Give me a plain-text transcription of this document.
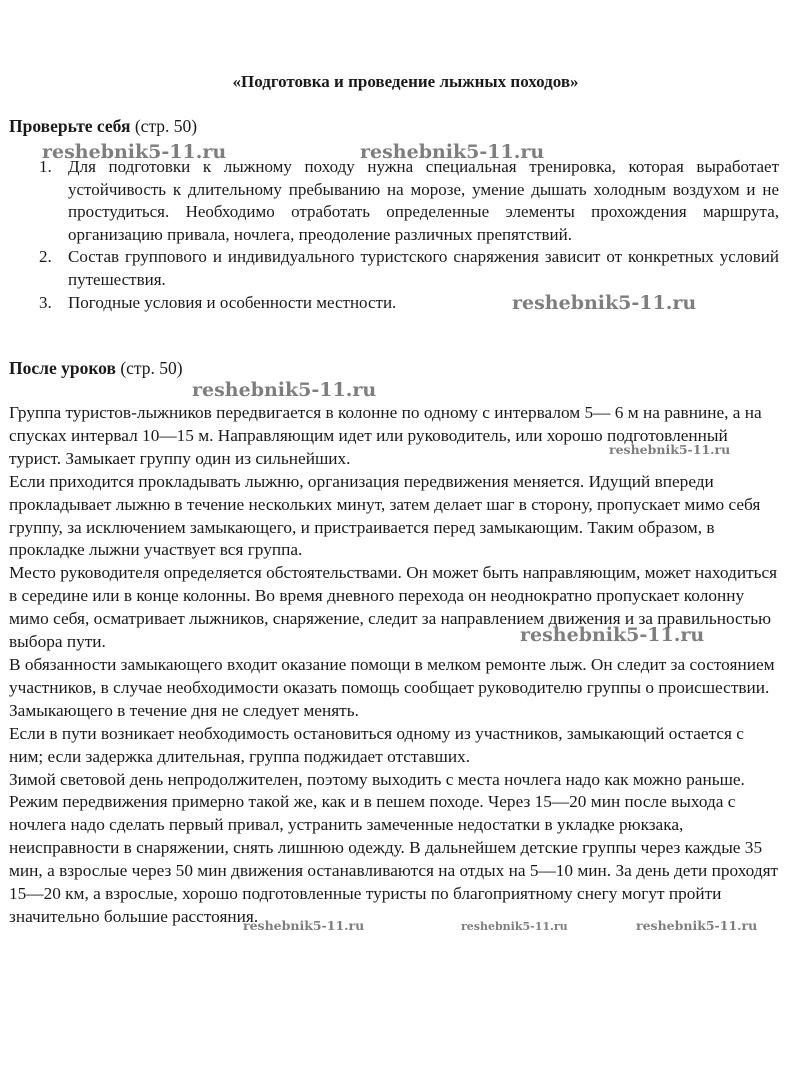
«Подготовка и проведение лыжных походов»
Проверьте себя (стр. 50)
1. Для подготовки к лыжному походу нужна специальная тренировка, которая выработает устойчивость к длительному пребыванию на морозе, умение дышать холодным воздухом и не простудиться. Необходимо отработать определенные элементы прохождения маршрута, организацию привала, ночлега, преодоление различных препятствий.
2. Состав группового и индивидуального туристского снаряжения зависит от конкретных условий путешествия.
3. Погодные условия и особенности местности.
После уроков (стр. 50)

Группа туристов-лыжников передвигается в колонне по одному с интервалом 5— 6 м на равнине, а на спусках интервал 10—15 м. Направляющим идет или руководитель, или хорошо подготовленный турист. Замыкает группу один из сильнейших.

Если приходится прокладывать лыжню, организация передвижения меняется. Идущий впереди прокладывает лыжню в течение нескольких минут, затем делает шаг в сторону, пропускает мимо себя группу, за исключением замыкающего, и пристраивается перед замыкающим. Таким образом, в прокладке лыжни участвует вся группа.

Место руководителя определяется обстоятельствами. Он может быть направляющим, может находиться в середине или в конце колонны. Во время дневного перехода он неоднократно пропускает колонну мимо себя, осматривает лыжников, снаряжение, следит за направлением движения и за правильностью выбора пути.

В обязанности замыкающего входит оказание помощи в мелком ремонте лыж. Он следит за состоянием участников, в случае необходимости оказать помощь сообщает руководителю группы о происшествии. Замыкающего в течение дня не следует менять.

Если в пути возникает необходимость остановиться одному из участников, замыкающий остается с ним; если задержка длительная, группа поджидает отставших.

Зимой световой день непродолжителен, поэтому выходить с места ночлега надо как можно раньше. Режим передвижения примерно такой же, как и в пешем походе. Через 15—20 мин после выхода с ночлега надо сделать первый привал, устранить замеченные недостатки в укладке рюкзака, неисправности в снаряжении, снять лишнюю одежду. В дальнейшем детские группы через каждые 35 мин, а взрослые через 50 мин движения останавливаются на отдых на 5—10 мин. За день дети проходят 15—20 км, а взрослые, хорошо подготовленные туристы по благоприятному снегу могут пройти значительно большие расстояния.

reshebnik5-11.ru	reshebnik5-11.ru
reshebnik5-11.ru
reshebnik5-11.ru
reshebnik5-11.ru
reshebnik5-11.ru
reshebnik5-11.ru	reshebnik5-11.ru	reshebnik5-11.ru
